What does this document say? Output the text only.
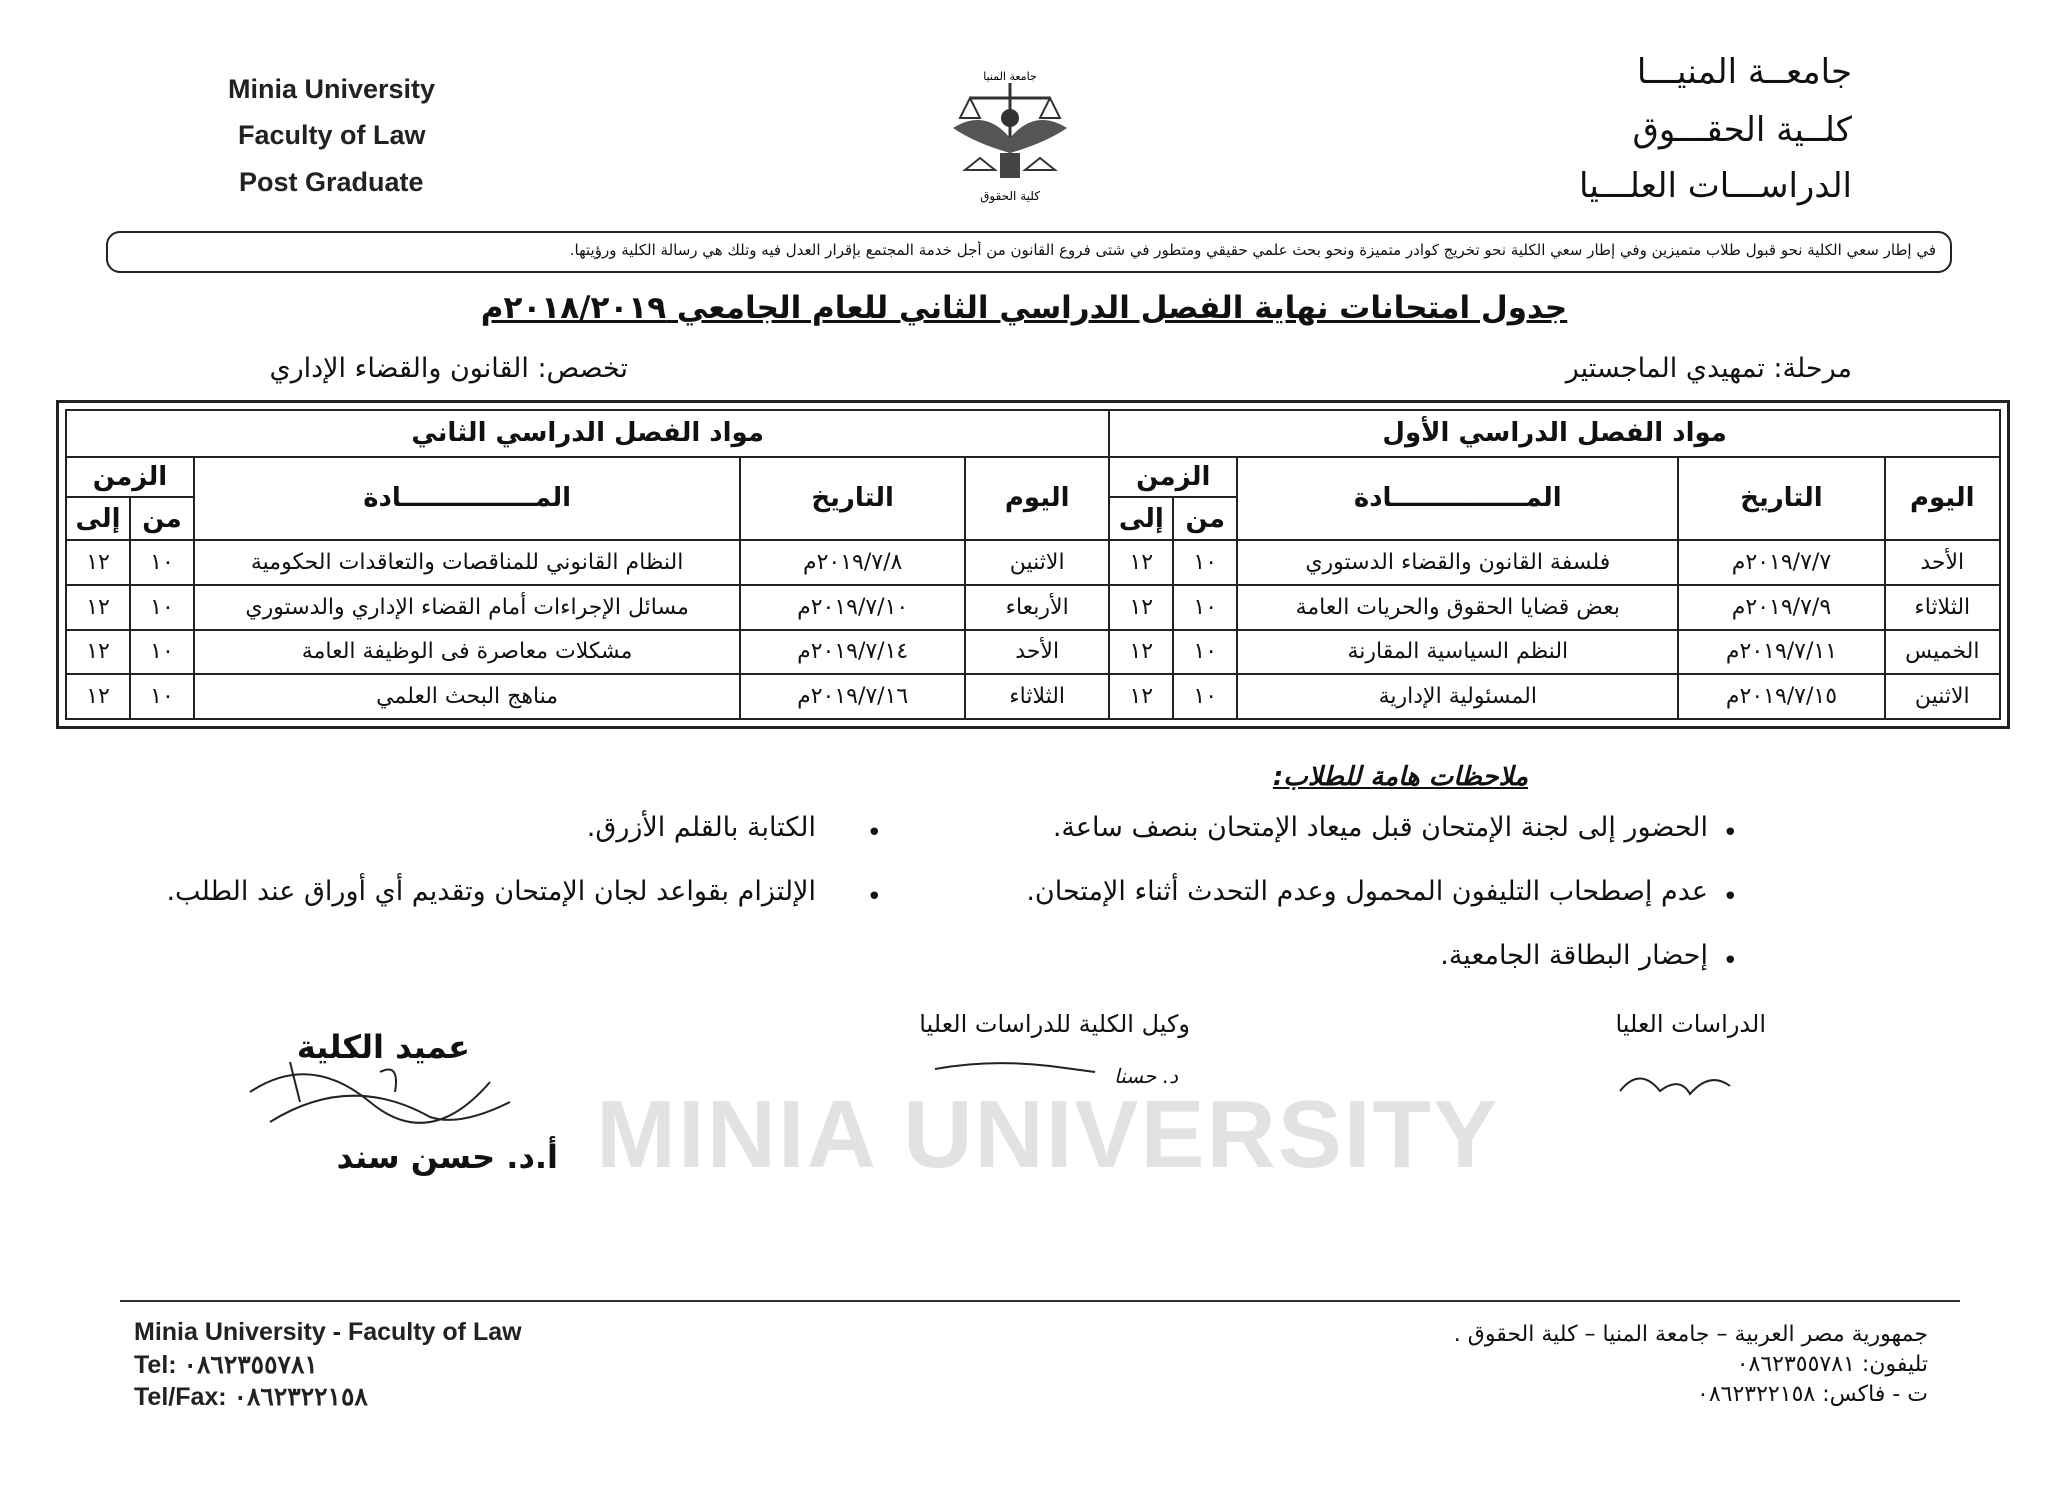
Minia University
Faculty of Law
Post Graduate
جامعــة المنيـــا
كلــية الحقـــوق
الدراســـات العلـــيا
جامعة المنيا
كلية الحقوق
في إطار سعي الكلية نحو قبول طلاب متميزين وفي إطار سعي الكلية نحو تخريج كوادر متميزة ونحو بحث علمي حقيقي ومتطور في شتى فروع القانون من أجل خدمة المجتمع بإقرار العدل فيه وتلك هي رسالة الكلية ورؤيتها.
جدول امتحانات نهاية الفصل الدراسي الثاني للعام الجامعي ٢٠١٨/٢٠١٩م
مرحلة: تمهيدي الماجستير
تخصص: القانون والقضاء الإداري
مواد الفصل الدراسي الأول					مواد الفصل الدراسي الثاني				
اليوم	التاريخ	المـــــــــــــــادة	الزمن		اليوم	التاريخ	المـــــــــــــــادة	الزمن	
			من	إلى				من	إلى
الأحد	٢٠١٩/٧/٧م	فلسفة القانون والقضاء الدستوري	١٠	١٢	الاثنين	٢٠١٩/٧/٨م	النظام القانوني للمناقصات والتعاقدات الحكومية	١٠	١٢
الثلاثاء	٢٠١٩/٧/٩م	بعض قضايا الحقوق والحريات العامة	١٠	١٢	الأربعاء	٢٠١٩/٧/١٠م	مسائل الإجراءات أمام القضاء الإداري والدستوري	١٠	١٢
الخميس	٢٠١٩/٧/١١م	النظم السياسية المقارنة	١٠	١٢	الأحد	٢٠١٩/٧/١٤م	مشكلات معاصرة فى الوظيفة العامة	١٠	١٢
الاثنين	٢٠١٩/٧/١٥م	المسئولية الإدارية	١٠	١٢	الثلاثاء	٢٠١٩/٧/١٦م	مناهج البحث العلمي	١٠	١٢
MINIA UNIVERSITY
ملاحظات هامة للطلاب:
•
الحضور إلى لجنة الإمتحان قبل ميعاد الإمتحان بنصف ساعة.
•
الكتابة بالقلم الأزرق.
•
عدم إصطحاب التليفون المحمول وعدم التحدث أثناء الإمتحان.
•
الإلتزام بقواعد لجان الإمتحان وتقديم أي أوراق عند الطلب.
•
إحضار البطاقة الجامعية.
عميد الكلية
أ.د. حسن سند
وكيل الكلية للدراسات العليا
د. حسنا
الدراسات العليا
Minia University - Faculty of Law
Tel: ٠٨٦٢٣٥٥٧٨١
Tel/Fax: ٠٨٦٢٣٢٢١٥٨
جمهورية مصر العربية – جامعة المنيا – كلية الحقوق .
تليفون: ٠٨٦٢٣٥٥٧٨١
ت - فاكس: ٠٨٦٢٣٢٢١٥٨
